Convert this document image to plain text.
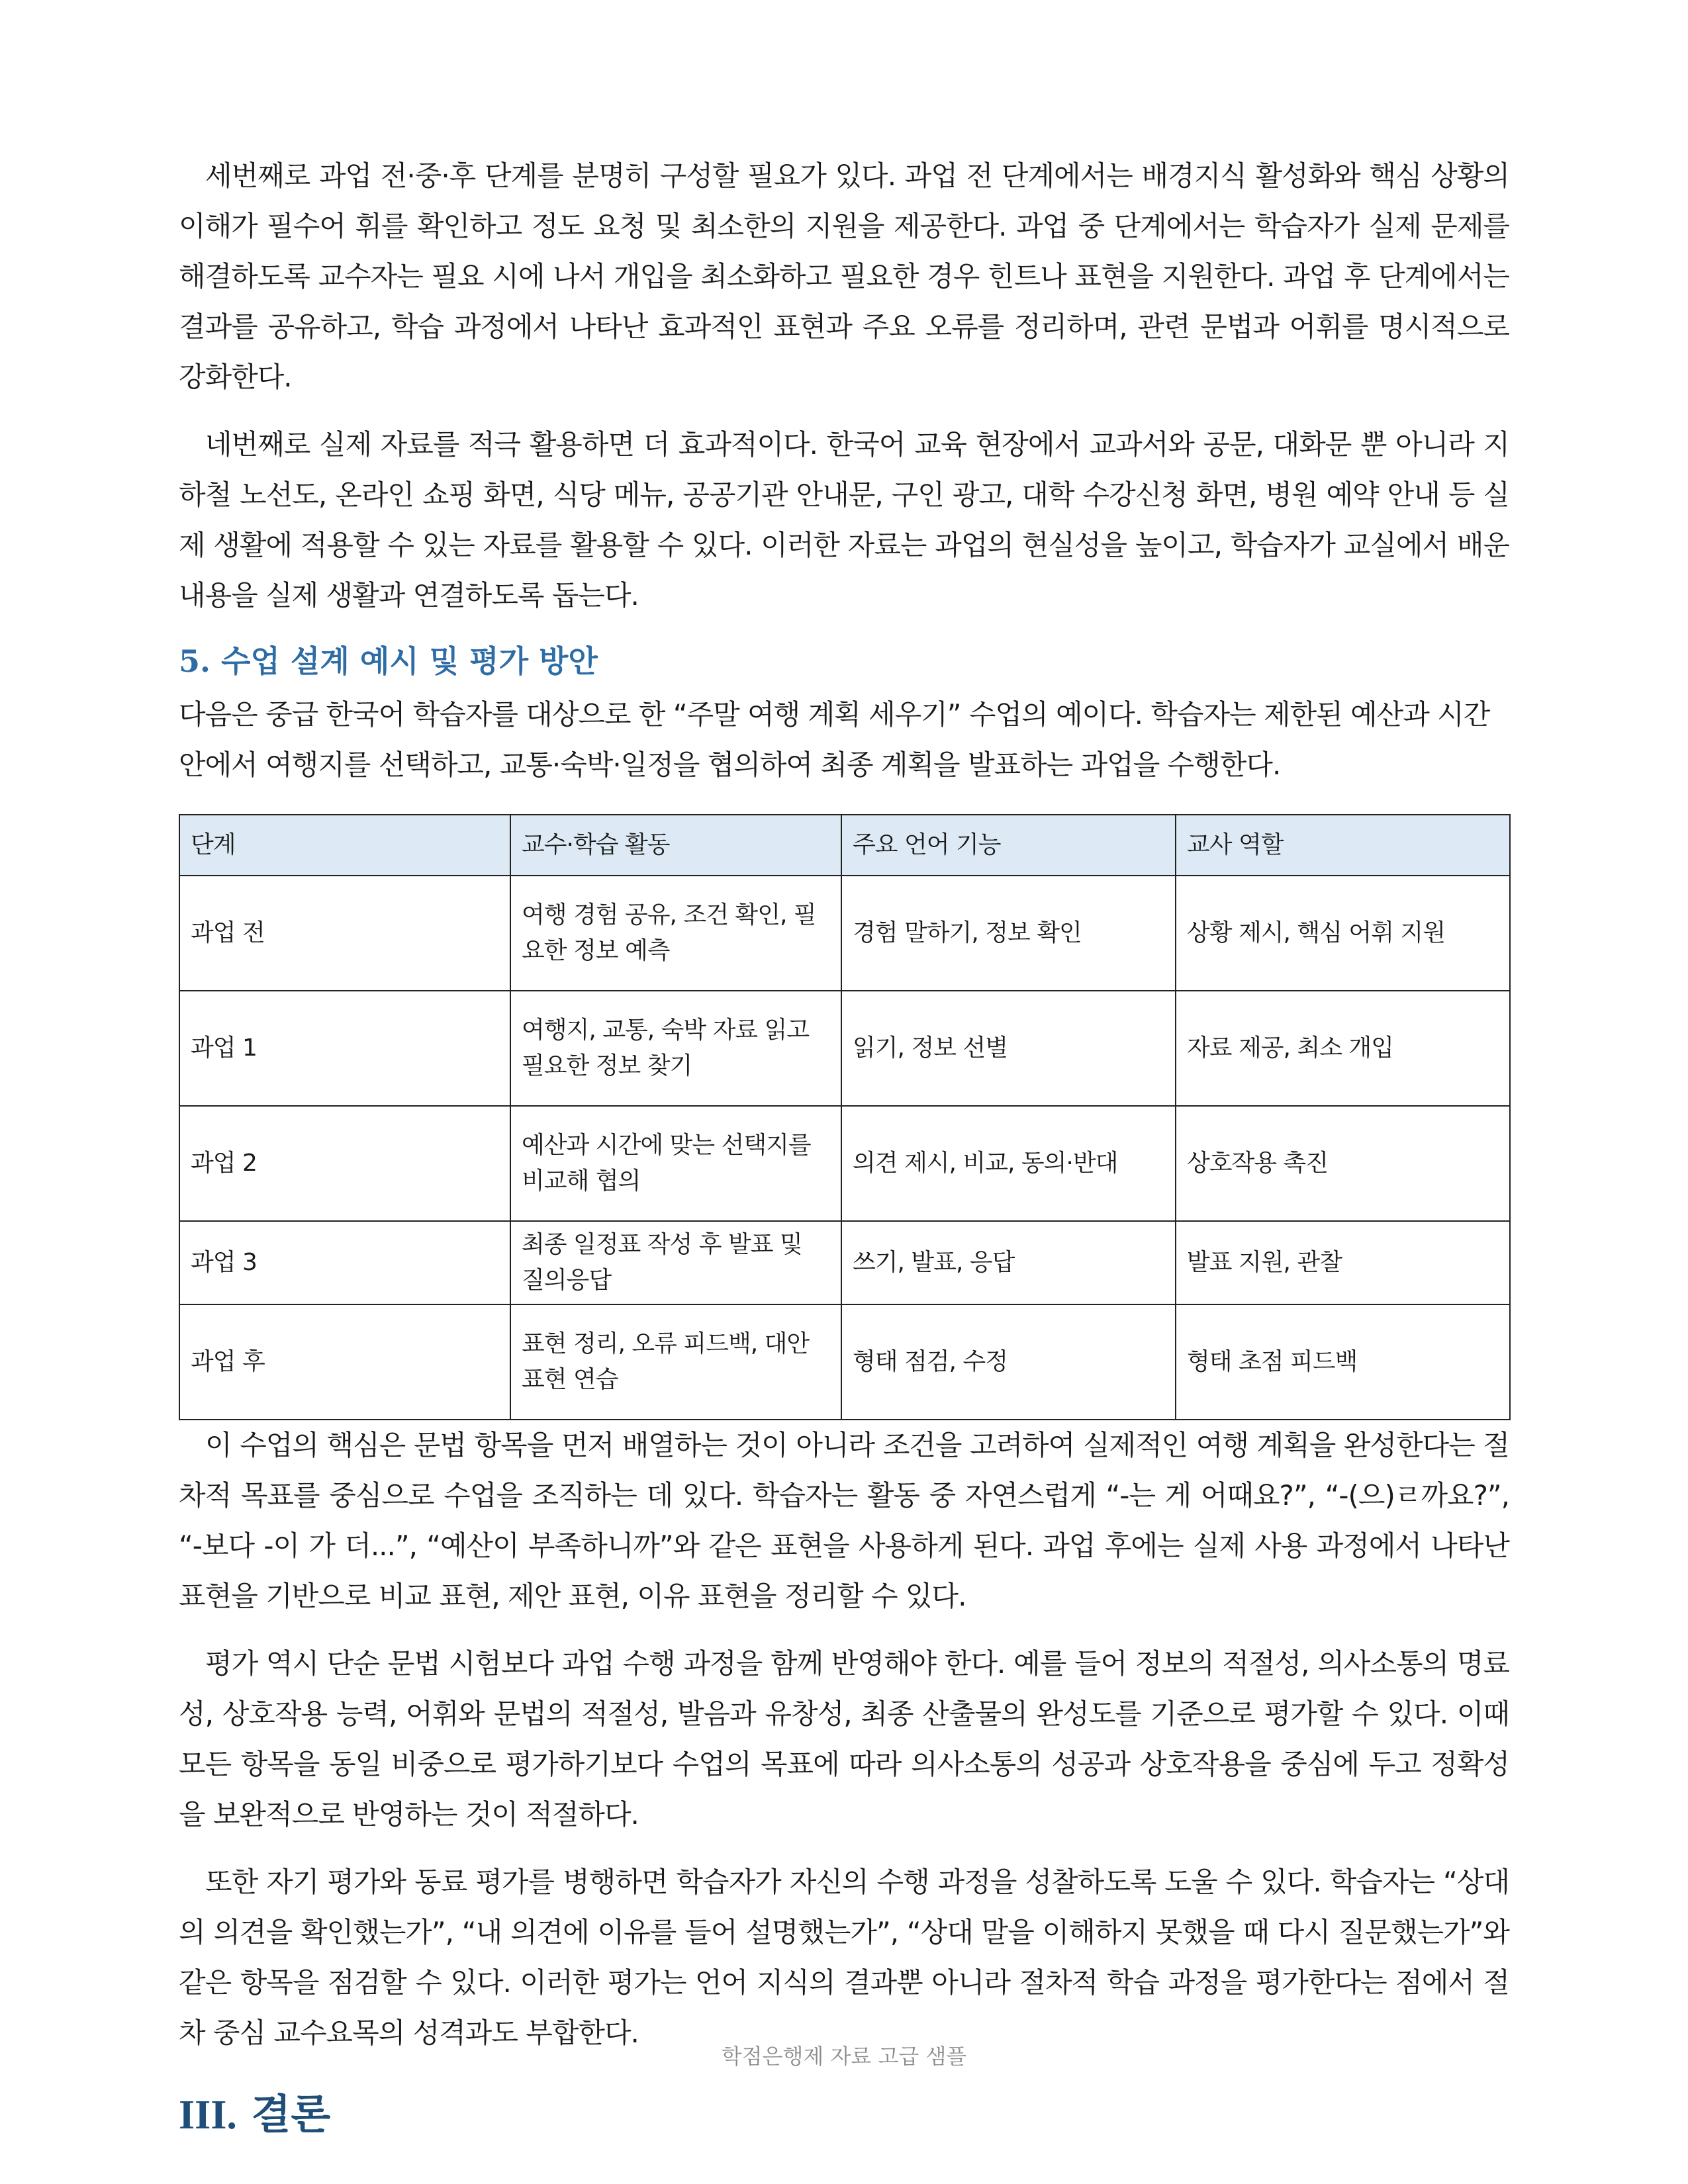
세번째로 과업 전·중·후 단계를 분명히 구성할 필요가 있다. 과업 전 단계에서는 배경지식 활성화와 핵심 상황의 이해가 필수어 휘를 확인하고 정도 요청 및 최소한의 지원을 제공한다. 과업 중 단계에서는 학습자가 실제 문제를 해결하도록 교수자는 필요 시에 나서 개입을 최소화하고 필요한 경우 힌트나 표현을 지원한다. 과업 후 단계에서는 결과를 공유하고, 학습 과정에서 나타난 효과적인 표현과 주요 오류를 정리하며, 관련 문법과 어휘를 명시적으로 강화한다.

네번째로 실제 자료를 적극 활용하면 더 효과적이다. 한국어 교육 현장에서 교과서와 공문, 대화문 뿐 아니라 지하철 노선도, 온라인 쇼핑 화면, 식당 메뉴, 공공기관 안내문, 구인 광고, 대학 수강신청 화면, 병원 예약 안내 등 실제 생활에 적용할 수 있는 자료를 활용할 수 있다. 이러한 자료는 과업의 현실성을 높이고, 학습자가 교실에서 배운 내용을 실제 생활과 연결하도록 돕는다.

5. 수업 설계 예시 및 평가 방안

다음은 중급 한국어 학습자를 대상으로 한 “주말 여행 계획 세우기” 수업의 예이다. 학습자는 제한된 예산과 시간 안에서 여행지를 선택하고, 교통·숙박·일정을 협의하여 최종 계획을 발표하는 과업을 수행한다.

단계	교수·학습 활동	주요 언어 기능	교사 역할
과업 전	여행 경험 공유, 조건 확인, 필요한 정보 예측	경험 말하기, 정보 확인	상황 제시, 핵심 어휘 지원
과업 1	여행지, 교통, 숙박 자료 읽고 필요한 정보 찾기	읽기, 정보 선별	자료 제공, 최소 개입
과업 2	예산과 시간에 맞는 선택지를 비교해 협의	의견 제시, 비교, 동의·반대	상호작용 촉진
과업 3	최종 일정표 작성 후 발표 및 질의응답	쓰기, 발표, 응답	발표 지원, 관찰
과업 후	표현 정리, 오류 피드백, 대안 표현 연습	형태 점검, 수정	형태 초점 피드백

이 수업의 핵심은 문법 항목을 먼저 배열하는 것이 아니라 조건을 고려하여 실제적인 여행 계획을 완성한다는 절차적 목표를 중심으로 수업을 조직하는 데 있다. 학습자는 활동 중 자연스럽게 “-는 게 어때요?”, “-(으)ㄹ까요?”, “-보다 -이 가 더...”, “예산이 부족하니까”와 같은 표현을 사용하게 된다. 과업 후에는 실제 사용 과정에서 나타난 표현을 기반으로 비교 표현, 제안 표현, 이유 표현을 정리할 수 있다.

평가 역시 단순 문법 시험보다 과업 수행 과정을 함께 반영해야 한다. 예를 들어 정보의 적절성, 의사소통의 명료성, 상호작용 능력, 어휘와 문법의 적절성, 발음과 유창성, 최종 산출물의 완성도를 기준으로 평가할 수 있다. 이때 모든 항목을 동일 비중으로 평가하기보다 수업의 목표에 따라 의사소통의 성공과 상호작용을 중심에 두고 정확성을 보완적으로 반영하는 것이 적절하다.

또한 자기 평가와 동료 평가를 병행하면 학습자가 자신의 수행 과정을 성찰하도록 도울 수 있다. 학습자는 “상대의 의견을 확인했는가”, “내 의견에 이유를 들어 설명했는가”, “상대 말을 이해하지 못했을 때 다시 질문했는가”와 같은 항목을 점검할 수 있다. 이러한 평가는 언어 지식의 결과뿐 아니라 절차적 학습 과정을 평가한다는 점에서 절차 중심 교수요목의 성격과도 부합한다.

III. 결론
학점은행제 자료 고급 샘플
